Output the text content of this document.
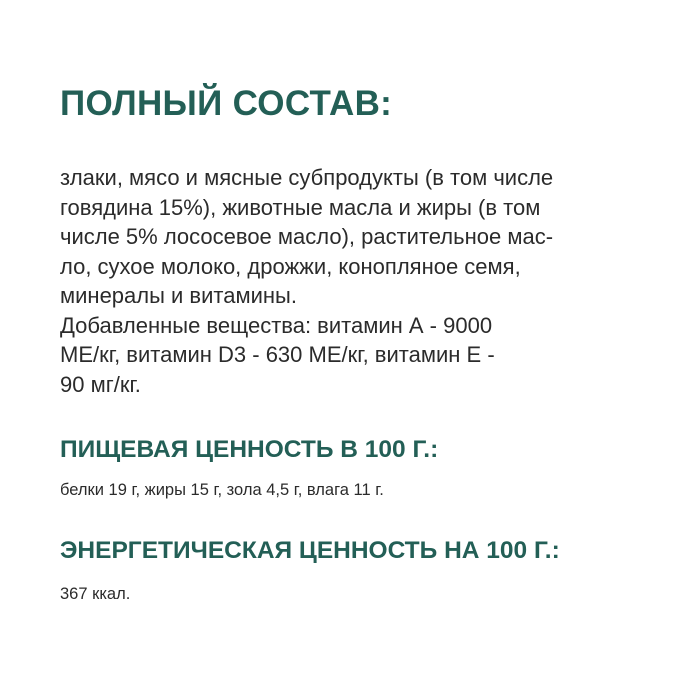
ПОЛНЫЙ СОСТАВ:
злаки, мясо и мясные субпродукты (в том числе
говядина 15%), животные масла и жиры (в том
числе 5% лососевое масло), растительное мас-
ло, сухое молоко, дрожжи, конопляное семя,
минералы и витамины.
Добавленные вещества: витамин А - 9000
МЕ/кг, витамин D3 - 630 МЕ/кг, витамин Е -
90 мг/кг.
ПИЩЕВАЯ ЦЕННОСТЬ В 100 Г.:

белки 19 г, жиры 15 г, зола 4,5 г, влага 11 г.

ЭНЕРГЕТИЧЕСКАЯ ЦЕННОСТЬ НА 100 Г.:

367 ккал.
